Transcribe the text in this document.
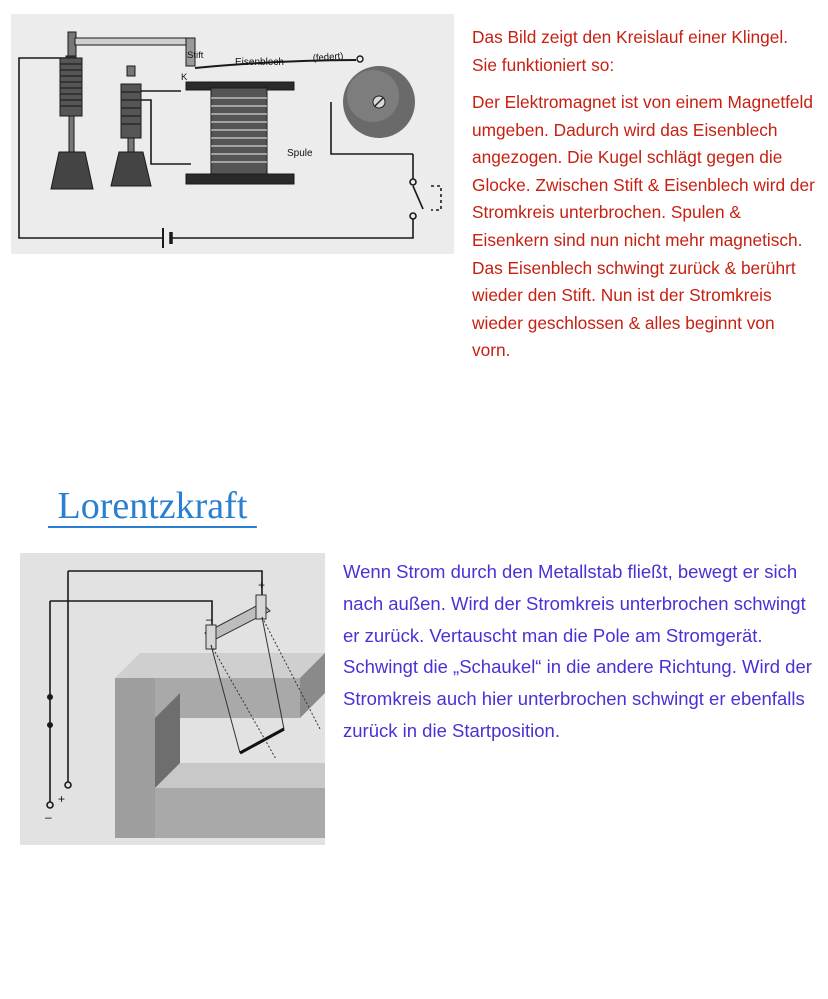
Stift
K
Eisenblech	(federt)
Spule

Das Bild zeigt den Kreislauf einer Klingel. Sie funktioniert so:

Der Elektromagnet ist von einem Magnetfeld umgeben. Dadurch wird das Eisenblech angezogen. Die Kugel schlägt gegen die Glocke. Zwischen Stift & Eisenblech wird der Stromkreis unterbrochen. Spulen & Eisenkern sind nun nicht mehr magnetisch. Das Eisenblech schwingt zurück & berührt wieder den Stift. Nun ist der Stromkreis wieder geschlossen & alles beginnt von vorn.

Lorentzkraft
+
–
–
+

Wenn Strom durch den Metallstab fließt, bewegt er sich nach außen. Wird der Stromkreis unterbrochen schwingt er zurück. Vertauscht man die Pole am Stromgerät. Schwingt die „Schaukel“ in die andere Richtung. Wird der Stromkreis auch hier unterbrochen schwingt er ebenfalls zurück in die Startposition.
